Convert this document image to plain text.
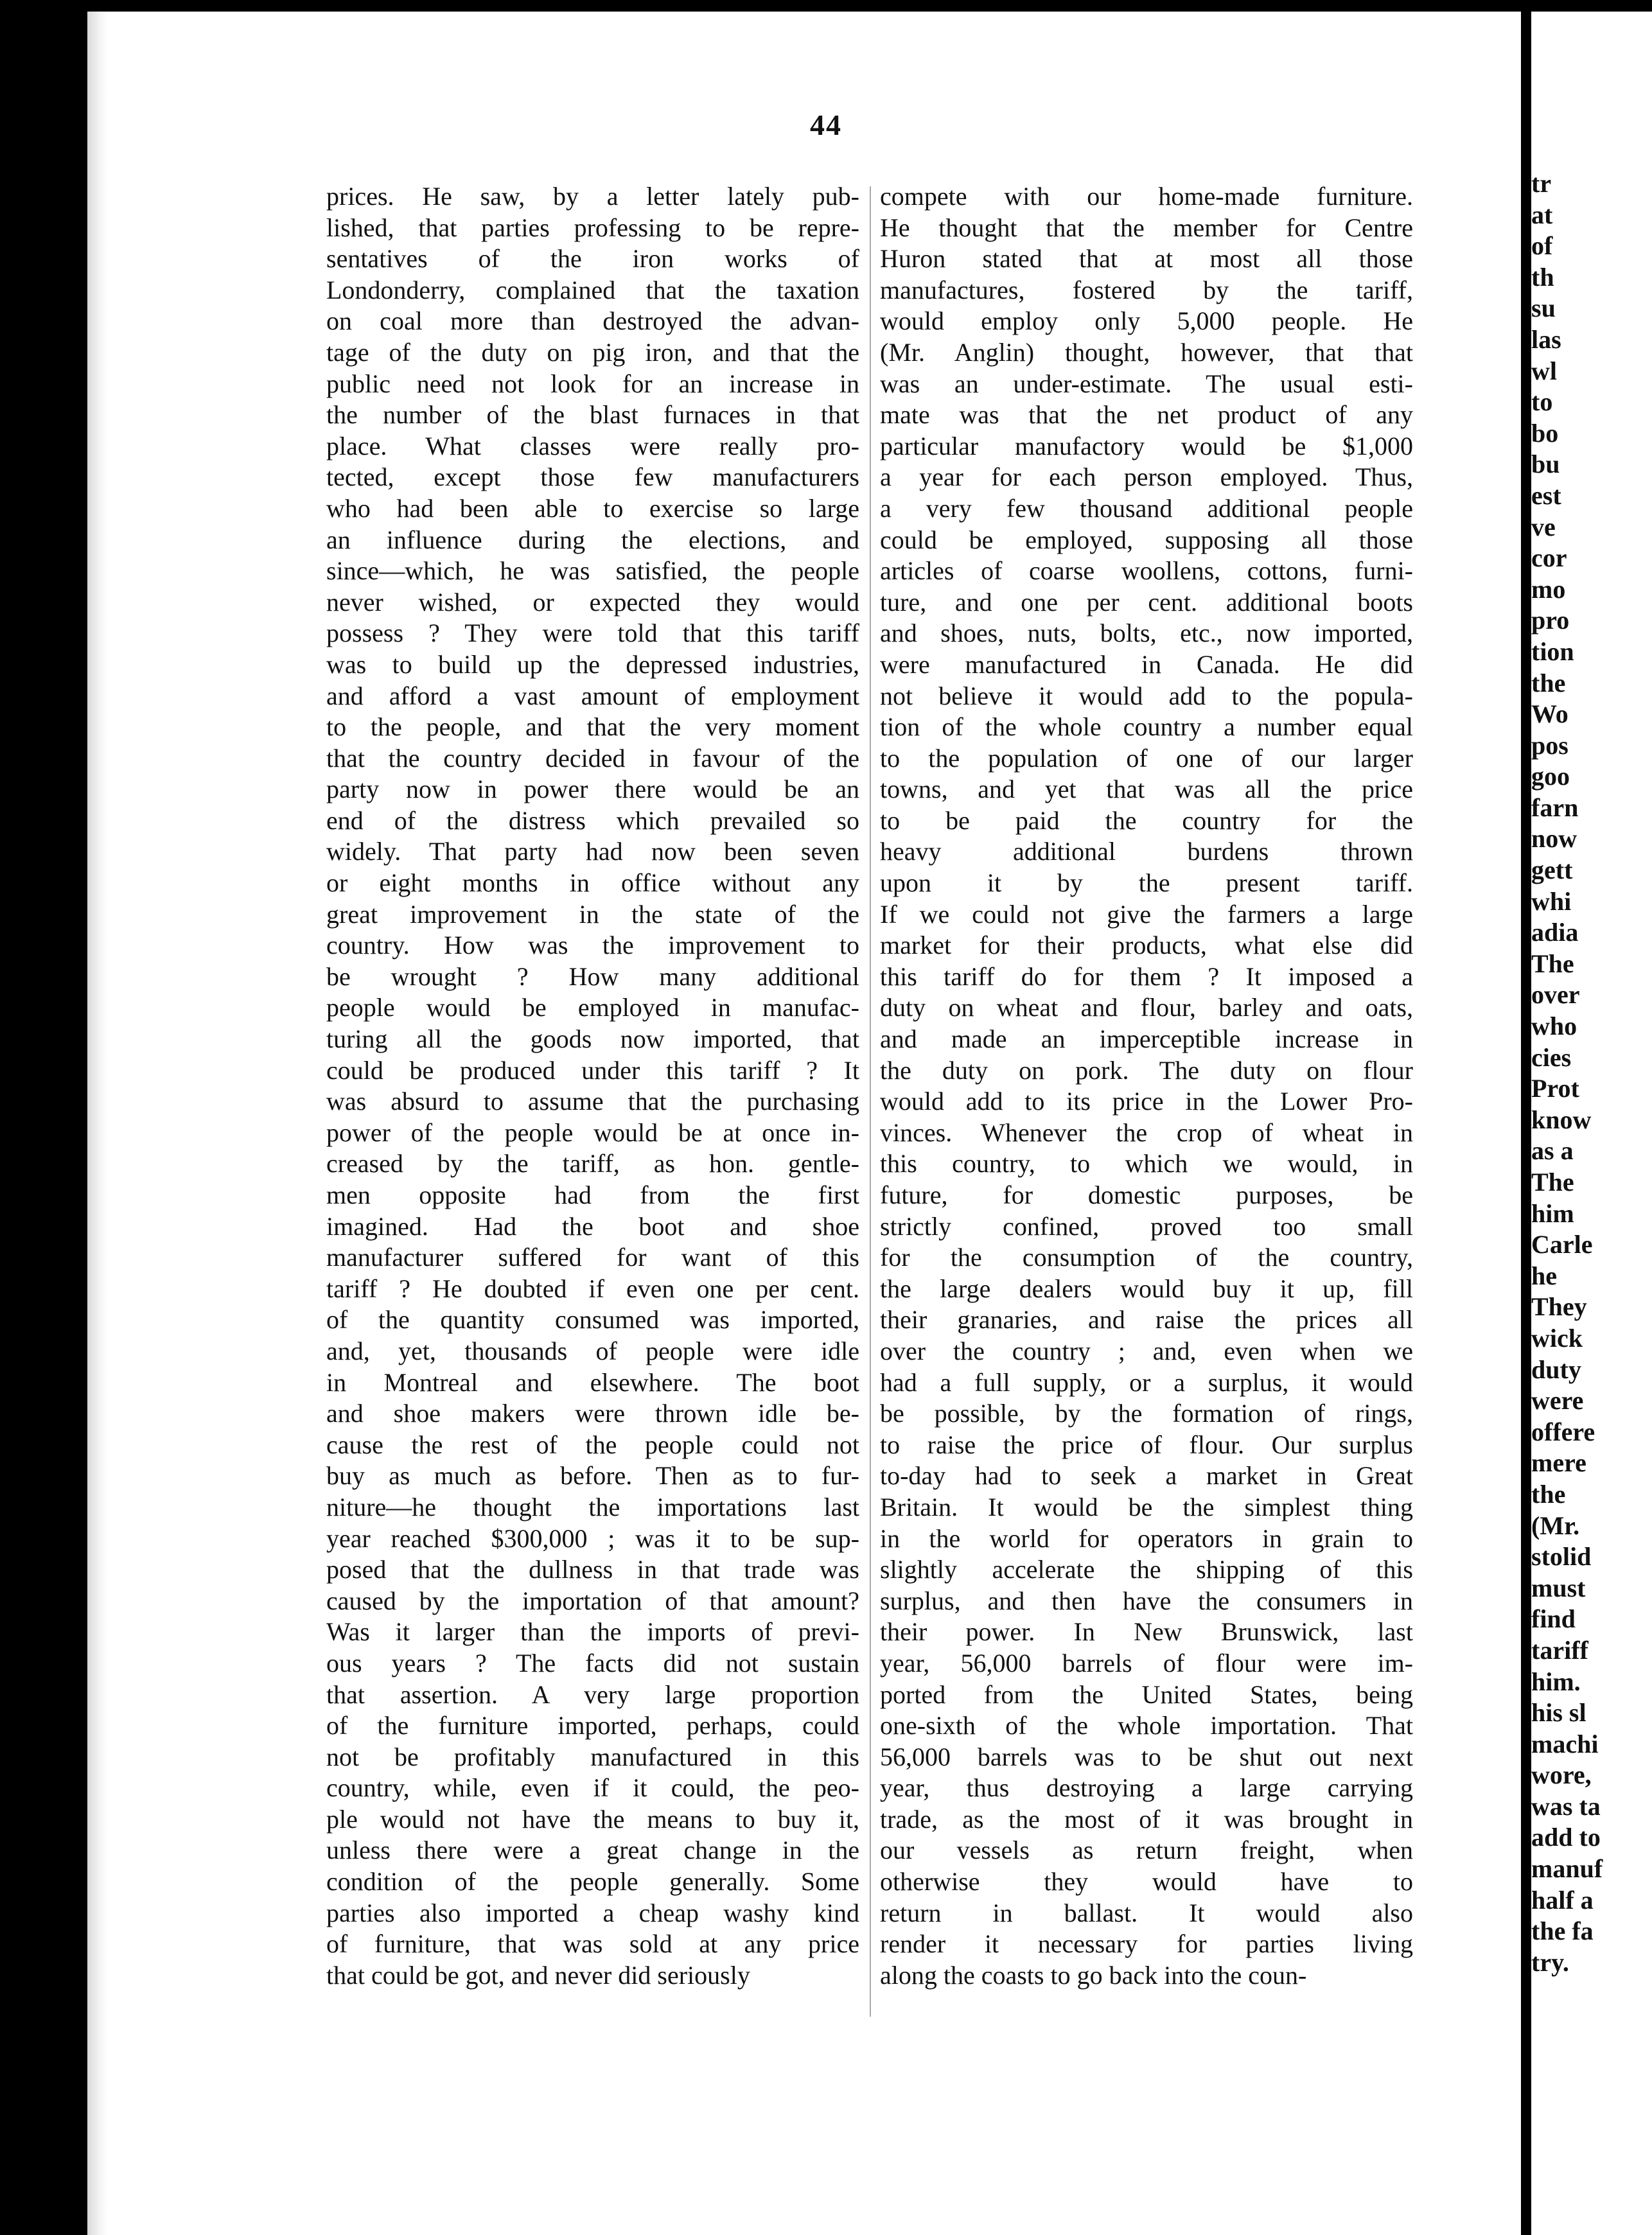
44
prices. He saw, by a letter lately pub-
lished, that parties professing to be repre-
sentatives of the iron works of
Londonderry, complained that the taxation
on coal more than destroyed the advan-
tage of the duty on pig iron, and that the
public need not look for an increase in
the number of the blast furnaces in that
place. What classes were really pro-
tected, except those few manufacturers
who had been able to exercise so large
an influence during the elections, and
since—which, he was satisfied, the people
never wished, or expected they would
possess ? They were told that this tariff
was to build up the depressed industries,
and afford a vast amount of employment
to the people, and that the very moment
that the country decided in favour of the
party now in power there would be an
end of the distress which prevailed so
widely. That party had now been seven
or eight months in office without any
great improvement in the state of the
country. How was the improvement to
be wrought ? How many additional
people would be employed in manufac-
turing all the goods now imported, that
could be produced under this tariff ? It
was absurd to assume that the purchasing
power of the people would be at once in-
creased by the tariff, as hon. gentle-
men opposite had from the first
imagined. Had the boot and shoe
manufacturer suffered for want of this
tariff ? He doubted if even one per cent.
of the quantity consumed was imported,
and, yet, thousands of people were idle
in Montreal and elsewhere. The boot
and shoe makers were thrown idle be-
cause the rest of the people could not
buy as much as before. Then as to fur-
niture—he thought the importations last
year reached $300,000 ; was it to be sup-
posed that the dullness in that trade was
caused by the importation of that amount?
Was it larger than the imports of previ-
ous years ? The facts did not sustain
that assertion. A very large proportion
of the furniture imported, perhaps, could
not be profitably manufactured in this
country, while, even if it could, the peo-
ple would not have the means to buy it,
unless there were a great change in the
condition of the people generally. Some
parties also imported a cheap washy kind
of furniture, that was sold at any price
that could be got, and never did seriously
compete with our home-made furniture.
He thought that the member for Centre
Huron stated that at most all those
manufactures, fostered by the tariff,
would employ only 5,000 people. He
(Mr. Anglin) thought, however, that that
was an under-estimate. The usual esti-
mate was that the net product of any
particular manufactory would be $1,000
a year for each person employed. Thus,
a very few thousand additional people
could be employed, supposing all those
articles of coarse woollens, cottons, furni-
ture, and one per cent. additional boots
and shoes, nuts, bolts, etc., now imported,
were manufactured in Canada. He did
not believe it would add to the popula-
tion of the whole country a number equal
to the population of one of our larger
towns, and yet that was all the price
to be paid the country for the
heavy additional burdens thrown
upon it by the present tariff.
If we could not give the farmers a large
market for their products, what else did
this tariff do for them ? It imposed a
duty on wheat and flour, barley and oats,
and made an imperceptible increase in
the duty on pork. The duty on flour
would add to its price in the Lower Pro-
vinces. Whenever the crop of wheat in
this country, to which we would, in
future, for domestic purposes, be
strictly confined, proved too small
for the consumption of the country,
the large dealers would buy it up, fill
their granaries, and raise the prices all
over the country ; and, even when we
had a full supply, or a surplus, it would
be possible, by the formation of rings,
to raise the price of flour. Our surplus
to-day had to seek a market in Great
Britain. It would be the simplest thing
in the world for operators in grain to
slightly accelerate the shipping of this
surplus, and then have the consumers in
their power. In New Brunswick, last
year, 56,000 barrels of flour were im-
ported from the United States, being
one-sixth of the whole importation. That
56,000 barrels was to be shut out next
year, thus destroying a large carrying
trade, as the most of it was brought in
our vessels as return freight, when
otherwise they would have to
return in ballast. It would also
render it necessary for parties living
along the coasts to go back into the coun-
tr
at
of
th
su
las
wl
to
bo
bu
est
ve
cor
mo
pro
tion
the
Wo
pos
goo
farn
now
gett
whi
adia
The
over
who
cies
Prot
know
as a
The
him
Carle
he
They
wick
duty
were
offere
mere
the
(Mr.
stolid
must
find
tariff
him.
his sl
machi
wore,
was ta
add to
manuf
half a
the fa
try.
